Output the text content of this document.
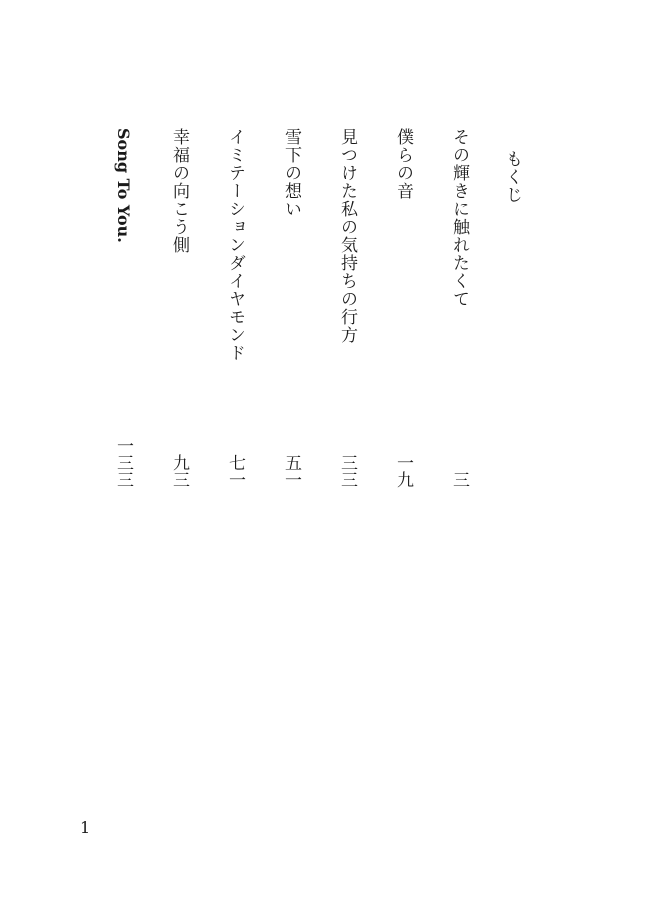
もくじ
その輝きに触れたくて
三
僕らの音
一九
見つけた私の気持ちの行方
三三
雪下の想い
五一
イミテーションダイヤモンド
七一
幸福の向こう側
九三
Song To You.
一三三
1
